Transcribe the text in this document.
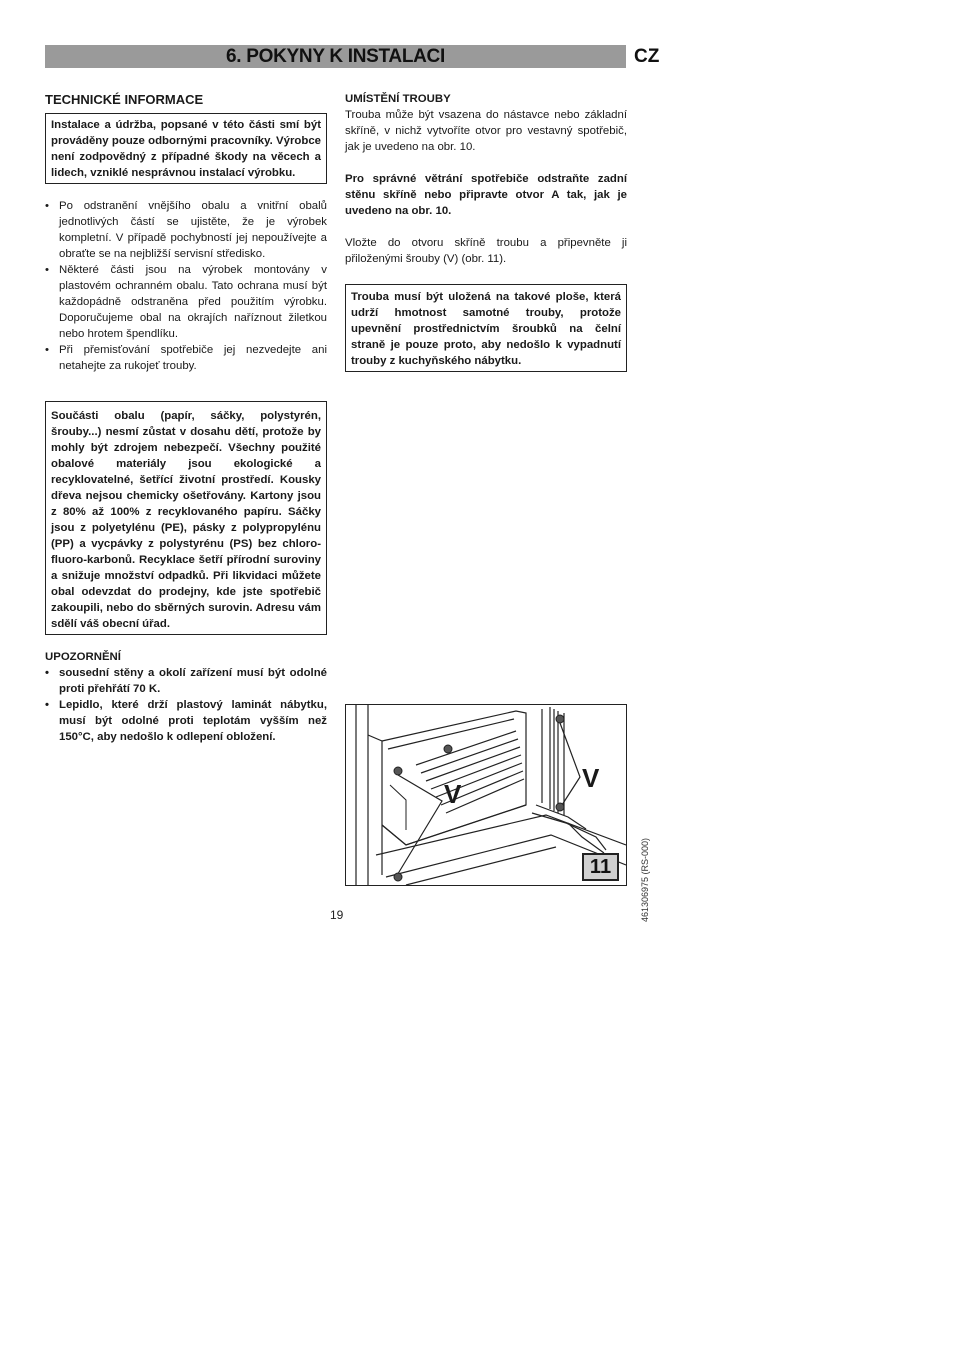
6. POKYNY K INSTALACI	CZ

TECHNICKÉ INFORMACE

Instalace a údržba, popsané v této části smí být prováděny pouze odbornými pracovníky. Výrobce není zodpovědný z případné škody na věcech a lidech, vzniklé nesprávnou instalací výrobku.
• Po odstranění vnějšího obalu a vnitřní obalů jednotlivých částí se ujistěte, že je výrobek kompletní. V případě pochybností jej nepoužívejte a obraťte se na nejbližší servisní středisko.
• Některé části jsou na výrobek montovány v plastovém ochranném obalu. Tato ochrana musí být každopádně odstraněna před použitím výrobku. Doporučujeme obal na okrajích naříznout žiletkou nebo hrotem špendlíku.
• Při přemisťování spotřebiče jej nezvedejte ani netahejte za rukojeť trouby.
Součásti obalu (papír, sáčky, polystyrén, šrouby...) nesmí zůstat v dosahu dětí, protože by mohly být zdrojem nebezpečí. Všechny použité obalové materiály jsou ekologické a recyklovatelné, šetřící životní prostředí. Kousky dřeva nejsou chemicky ošetřovány. Kartony jsou z 80% až 100% z recyklovaného papíru. Sáčky jsou z polyetylénu (PE), pásky z polypropylénu (PP) a vycpávky z polystyrénu (PS) bez chloro-fluoro-karbonů. Recyklace šetří přírodní suroviny a snižuje množství odpadků. Při likvidaci můžete obal odevzdat do prodejny, kde jste spotřebič zakoupili, nebo do sběrných surovin. Adresu vám sdělí váš obecní úřad.

UPOZORNĚNÍ

• sousední stěny a okolí zařízení musí být odolné proti přehřátí 70 K.
• Lepidlo, které drží plastový laminát nábytku, musí být odolné proti teplotám vyšším než 150°C, aby nedošlo k odlepení obložení.

UMÍSTĚNÍ TROUBY

Trouba může být vsazena do nástavce nebo základní skříně, v nichž vytvoříte otvor pro vestavný spotřebič, jak je uvedeno na obr. 10.

Pro správné větrání spotřebiče odstraňte zadní stěnu skříně nebo připravte otvor A tak, jak je uvedeno na obr. 10.

Vložte do otvoru skříně troubu a připevněte ji přiloženými šrouby (V) (obr. 11).

Trouba musí být uložená na takové ploše, která udrží hmotnost samotné trouby, protože upevnění prostřednictvím šroubků na čelní straně je pouze proto, aby nedošlo k vypadnutí trouby z kuchyňského nábytku.
V
V
11
19	461306975 (RS-000)
